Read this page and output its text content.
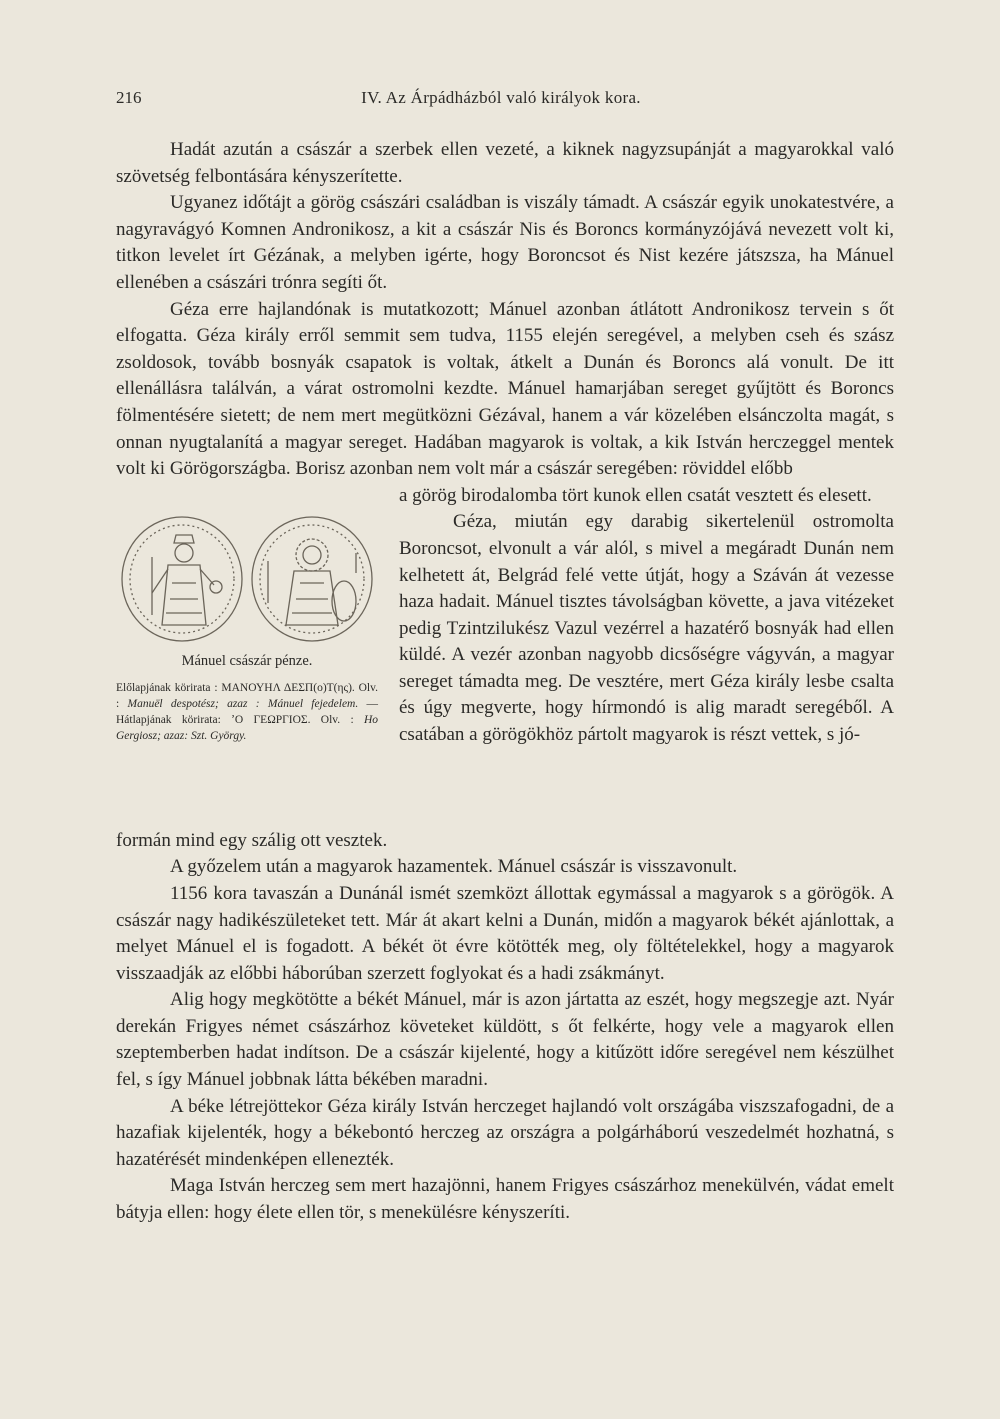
216	IV. Az Árpádházból való királyok kora.

Hadát azután a császár a szerbek ellen vezeté, a kiknek nagyzsupánját a magyarokkal való szövetség felbontására kényszerítette.

Ugyanez időtájt a görög császári családban is viszály támadt. A császár egyik unokatestvére, a nagyravágyó Komnen Andronikosz, a kit a császár Nis és Boroncs kormányzójává nevezett volt ki, titkon levelet írt Gézának, a melyben igérte, hogy Boroncsot és Nist kezére játszsza, ha Mánuel ellenében a császári trónra segíti őt.

Géza erre hajlandónak is mutatkozott; Mánuel azonban átlátott Andronikosz tervein s őt elfogatta. Géza király erről semmit sem tudva, 1155 elején seregével, a melyben cseh és szász zsoldosok, tovább bosnyák csapatok is voltak, átkelt a Dunán és Boroncs alá vonult. De itt ellenállásra találván, a várat ostromolni kezdte. Mánuel hamarjában sereget gyűjtött és Boroncs fölmentésére sietett; de nem mert megütközni Gézával, hanem a vár közelében elsánczolta magát, s onnan nyugtalanítá a magyar sereget. Hadában magyarok is voltak, a kik István herczeggel mentek volt ki Görögországba. Borisz azonban nem volt már a császár seregében: röviddel előbb

Mánuel császár pénze.

Előlapjának körirata : ΜΑΝΟΥΗΛ ΔΕΣΠ(ο)Τ(ης). Olv. : Manuël despotész; azaz : Mánuel fejedelem. — Hátlapjának körirata: ʼΟ ΓΕΩΡΓΙΟΣ. Olv. : Ho Gergiosz; azaz: Szt. György.

a görög birodalomba tört kunok ellen csatát vesztett és elesett.

Géza, miután egy darabig sikertelenül ostromolta Boroncsot, elvonult a vár alól, s mivel a megáradt Dunán nem kelhetett át, Belgrád felé vette útját, hogy a Száván át vezesse haza hadait. Mánuel tisztes távolságban követte, a java vitézeket pedig Tzintzilukész Vazul vezérrel a hazatérő bosnyák had ellen küldé. A vezér azonban nagyobb dicsőségre vágyván, a magyar sereget támadta meg. De vesztére, mert Géza király lesbe csalta és úgy megverte, hogy hírmondó is alig maradt seregéből. A csatában a görögökhöz pártolt magyarok is részt vettek, s jó-

formán mind egy szálig ott vesztek.

A győzelem után a magyarok hazamentek. Mánuel császár is visszavonult.

1156 kora tavaszán a Dunánál ismét szemközt állottak egymással a magyarok s a görögök. A császár nagy hadikészületeket tett. Már át akart kelni a Dunán, midőn a magyarok békét ajánlottak, a melyet Mánuel el is fogadott. A békét öt évre kötötték meg, oly föltételekkel, hogy a magyarok visszaadják az előbbi háborúban szerzett foglyokat és a hadi zsákmányt.

Alig hogy megkötötte a békét Mánuel, már is azon jártatta az eszét, hogy megszegje azt. Nyár derekán Frigyes német császárhoz követeket küldött, s őt felkérte, hogy vele a magyarok ellen szeptemberben hadat indítson. De a császár kijelenté, hogy a kitűzött időre seregével nem készülhet fel, s így Mánuel jobbnak látta békében maradni.

A béke létrejöttekor Géza király István herczeget hajlandó volt országába viszszafogadni, de a hazafiak kijelenték, hogy a békebontó herczeg az országra a polgárháború veszedelmét hozhatná, s hazatérését mindenképen ellenezték.

Maga István herczeg sem mert hazajönni, hanem Frigyes császárhoz menekülvén, vádat emelt bátyja ellen: hogy élete ellen tör, s menekülésre kényszeríti.
